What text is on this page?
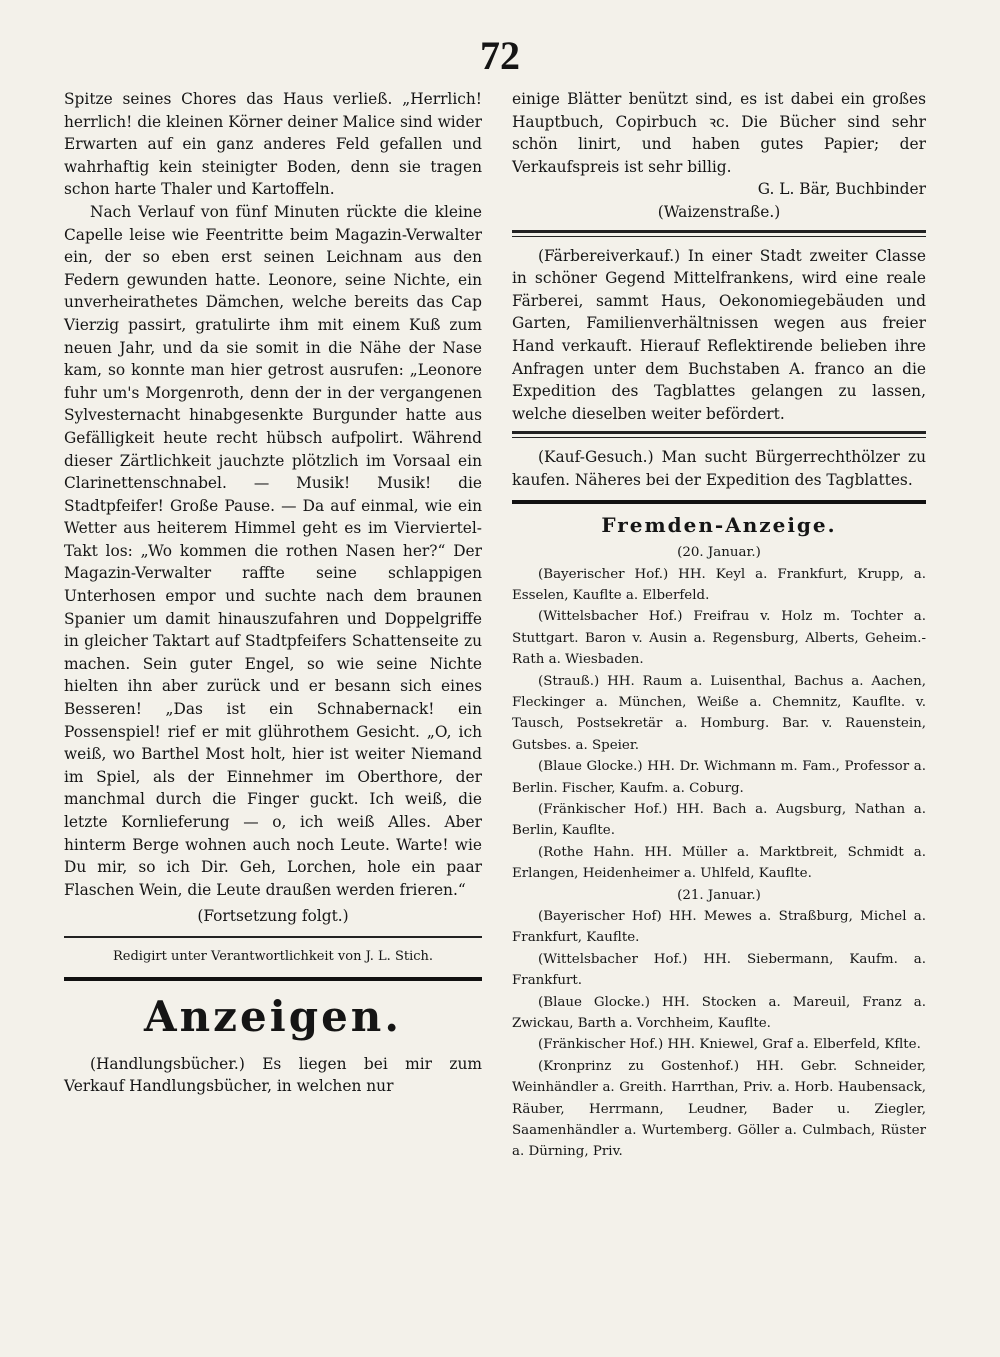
72

Spitze seines Chores das Haus verließ. „Herrlich! herrlich! die kleinen Körner deiner Malice sind wider Erwarten auf ein ganz anderes Feld gefallen und wahrhaftig kein steinigter Boden, denn sie tragen schon harte Thaler und Kartoffeln.

Nach Verlauf von fünf Minuten rückte die kleine Capelle leise wie Feentritte beim Magazin-Verwalter ein, der so eben erst seinen Leichnam aus den Federn gewunden hatte. Leonore, seine Nichte, ein unverheirathetes Dämchen, welche bereits das Cap Vierzig passirt, gratulirte ihm mit einem Kuß zum neuen Jahr, und da sie somit in die Nähe der Nase kam, so konnte man hier getrost ausrufen: „Leonore fuhr um's Morgenroth, denn der in der vergangenen Sylvesternacht hinabgesenkte Burgunder hatte aus Gefälligkeit heute recht hübsch aufpolirt. Während dieser Zärtlichkeit jauchzte plötzlich im Vorsaal ein Clarinettenschnabel. — Musik! Musik! die Stadtpfeifer! Große Pause. — Da auf einmal, wie ein Wetter aus heiterem Himmel geht es im Vierviertel-Takt los: „Wo kommen die rothen Nasen her?“ Der Magazin-Verwalter raffte seine schlappigen Unterhosen empor und suchte nach dem braunen Spanier um damit hinauszufahren und Doppelgriffe in gleicher Taktart auf Stadtpfeifers Schattenseite zu machen. Sein guter Engel, so wie seine Nichte hielten ihn aber zurück und er besann sich eines Besseren! „Das ist ein Schnabernack! ein Possenspiel! rief er mit glührothem Gesicht. „O, ich weiß, wo Barthel Most holt, hier ist weiter Niemand im Spiel, als der Einnehmer im Oberthore, der manchmal durch die Finger guckt. Ich weiß, die letzte Kornlieferung — o, ich weiß Alles. Aber hinterm Berge wohnen auch noch Leute. Warte! wie Du mir, so ich Dir. Geh, Lorchen, hole ein paar Flaschen Wein, die Leute draußen werden frieren.“

(Fortsetzung folgt.)

Redigirt unter Verantwortlichkeit von J. L. Stich.

Anzeigen.

(Handlungsbücher.) Es liegen bei mir zum Verkauf Handlungsbücher, in welchen nur

einige Blätter benützt sind, es ist dabei ein großes Hauptbuch, Copirbuch ꝛc. Die Bücher sind sehr schön linirt, und haben gutes Papier; der Verkaufspreis ist sehr billig.

G. L. Bär, Buchbinder

(Waizenstraße.)

(Färbereiverkauf.) In einer Stadt zweiter Classe in schöner Gegend Mittelfrankens, wird eine reale Färberei, sammt Haus, Oekonomiegebäuden und Garten, Familienverhältnissen wegen aus freier Hand verkauft. Hierauf Reflektirende belieben ihre Anfragen unter dem Buchstaben A. franco an die Expedition des Tagblattes gelangen zu lassen, welche dieselben weiter befördert.

(Kauf-Gesuch.) Man sucht Bürgerrechthölzer zu kaufen. Näheres bei der Expedition des Tagblattes.

Fremden-Anzeige.

(20. Januar.)

(Bayerischer Hof.) HH. Keyl a. Frankfurt, Krupp, a. Esselen, Kauflte a. Elberfeld.

(Wittelsbacher Hof.) Freifrau v. Holz m. Tochter a. Stuttgart. Baron v. Ausin a. Regensburg, Alberts, Geheim.-Rath a. Wiesbaden.

(Strauß.) HH. Raum a. Luisenthal, Bachus a. Aachen, Fleckinger a. München, Weiße a. Chemnitz, Kauflte. v. Tausch, Postsekretär a. Homburg. Bar. v. Rauenstein, Gutsbes. a. Speier.

(Blaue Glocke.) HH. Dr. Wichmann m. Fam., Professor a. Berlin. Fischer, Kaufm. a. Coburg.

(Fränkischer Hof.) HH. Bach a. Augsburg, Nathan a. Berlin, Kauflte.

(Rothe Hahn. HH. Müller a. Marktbreit, Schmidt a. Erlangen, Heidenheimer a. Uhlfeld, Kauflte.

(21. Januar.)

(Bayerischer Hof) HH. Mewes a. Straßburg, Michel a. Frankfurt, Kauflte.

(Wittelsbacher Hof.) HH. Siebermann, Kaufm. a. Frankfurt.

(Blaue Glocke.) HH. Stocken a. Mareuil, Franz a. Zwickau, Barth a. Vorchheim, Kauflte.

(Fränkischer Hof.) HH. Kniewel, Graf a. Elberfeld, Kflte.

(Kronprinz zu Gostenhof.) HH. Gebr. Schneider, Weinhändler a. Greith. Harrthan, Priv. a. Horb. Haubensack, Räuber, Herrmann, Leudner, Bader u. Ziegler, Saamenhändler a. Wurtemberg. Göller a. Culmbach, Rüster a. Dürning, Priv.
